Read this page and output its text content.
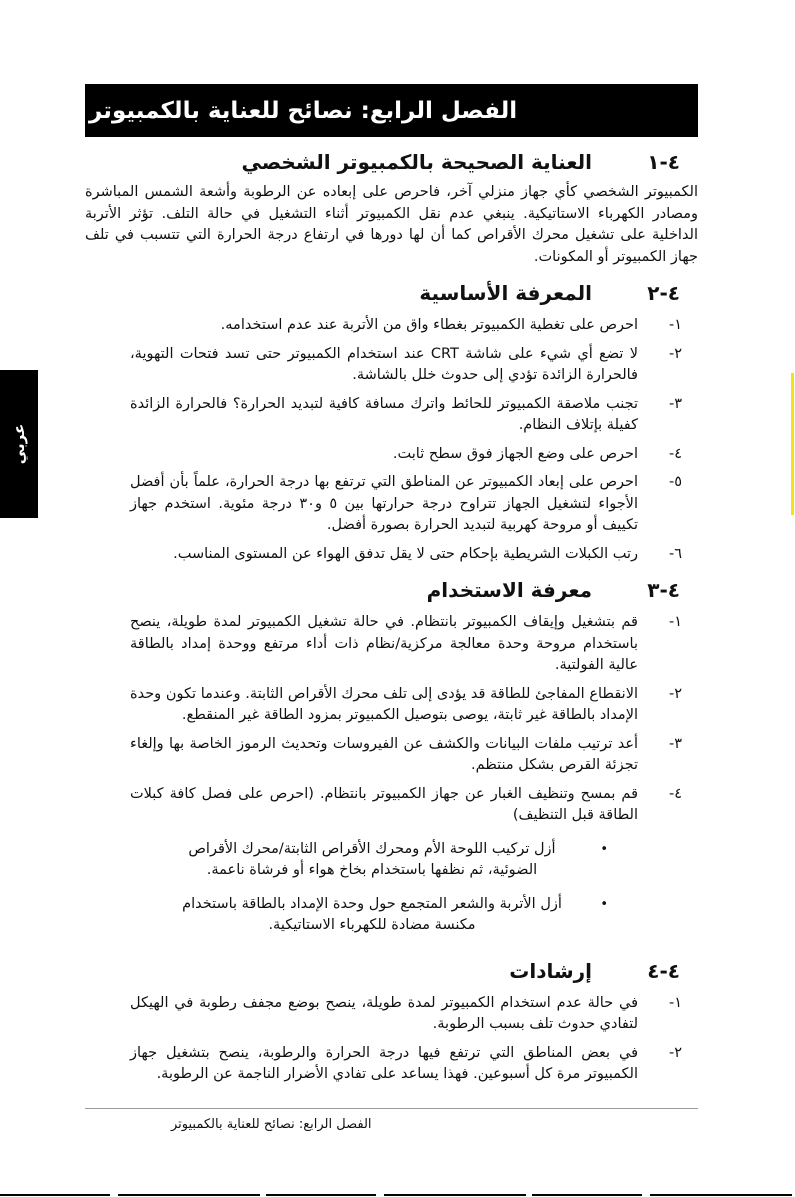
عربي
الفصل الرابع: نصائح للعناية بالكمبيوتر
٤-١
العناية الصحيحة بالكمبيوتر الشخصي

الكمبيوتر الشخصي كأي جهاز منزلي آخر، فاحرص على إبعاده عن الرطوبة وأشعة الشمس المباشرة ومصادر الكهرباء الاستاتيكية. ينبغي عدم نقل الكمبيوتر أثناء التشغيل في حالة التلف. تؤثر الأتربة الداخلية على تشغيل محرك الأقراص كما أن لها دورها في ارتفاع درجة الحرارة التي تتسبب في تلف جهاز الكمبيوتر أو المكونات.

٤-٢
المعرفة الأساسية
١-
احرص على تغطية الكمبيوتر بغطاء واق من الأتربة عند عدم استخدامه.
٢-
لا تضع أي شيء على شاشة CRT عند استخدام الكمبيوتر حتى تسد فتحات التهوية، فالحرارة الزائدة تؤدي إلى حدوث خلل بالشاشة.
٣-
تجنب ملاصقة الكمبيوتر للحائط واترك مسافة كافية لتبديد الحرارة؟ فالحرارة الزائدة كفيلة بإتلاف النظام.
٤-
احرص على وضع الجهاز فوق سطح ثابت.
٥-
احرص على إبعاد الكمبيوتر عن المناطق التي ترتفع بها درجة الحرارة، علماً بأن أفضل الأجواء لتشغيل الجهاز تتراوح درجة حرارتها بين ٥ و٣٠ درجة مئوية. استخدم جهاز تكييف أو مروحة كهربية لتبديد الحرارة بصورة أفضل.
٦-
رتب الكبلات الشريطية بإحكام حتى لا يقل تدفق الهواء عن المستوى المناسب.
٤-٣
معرفة الاستخدام
١-
قم بتشغيل وإيقاف الكمبيوتر بانتظام. في حالة تشغيل الكمبيوتر لمدة طويلة، ينصح باستخدام مروحة وحدة معالجة مركزية/نظام ذات أداء مرتفع ووحدة إمداد بالطاقة عالية الفولتية.
٢-
الانقطاع المفاجئ للطاقة قد يؤدى إلى تلف محرك الأقراص الثابتة. وعندما تكون وحدة الإمداد بالطاقة غير ثابتة، يوصى بتوصيل الكمبيوتر بمزود الطاقة غير المنقطع.
٣-
أعد ترتيب ملفات البيانات والكشف عن الفيروسات وتحديث الرموز الخاصة بها وإلغاء تجزئة القرص بشكل منتظم.
٤-
قم بمسح وتنظيف الغبار عن جهاز الكمبيوتر بانتظام. (احرص على فصل كافة كبلات الطاقة قبل التنظيف)
•
أزل تركيب اللوحة الأم ومحرك الأقراص الثابتة/محرك الأقراص الضوئية، ثم نظفها باستخدام بخاخ هواء أو فرشاة ناعمة.
•
أزل الأتربة والشعر المتجمع حول وحدة الإمداد بالطاقة باستخدام مكنسة مضادة للكهرباء الاستاتيكية.
٤-٤
إرشادات
١-
في حالة عدم استخدام الكمبيوتر لمدة طويلة، ينصح بوضع مجفف رطوبة في الهيكل لتفادي حدوث تلف بسبب الرطوبة.
٢-
في بعض المناطق التي ترتفع فيها درجة الحرارة والرطوبة، ينصح بتشغيل جهاز الكمبيوتر مرة كل أسبوعين. فهذا يساعد على تفادي الأضرار الناجمة عن الرطوبة.
الفصل الرابع: نصائح للعناية بالكمبيوتر
